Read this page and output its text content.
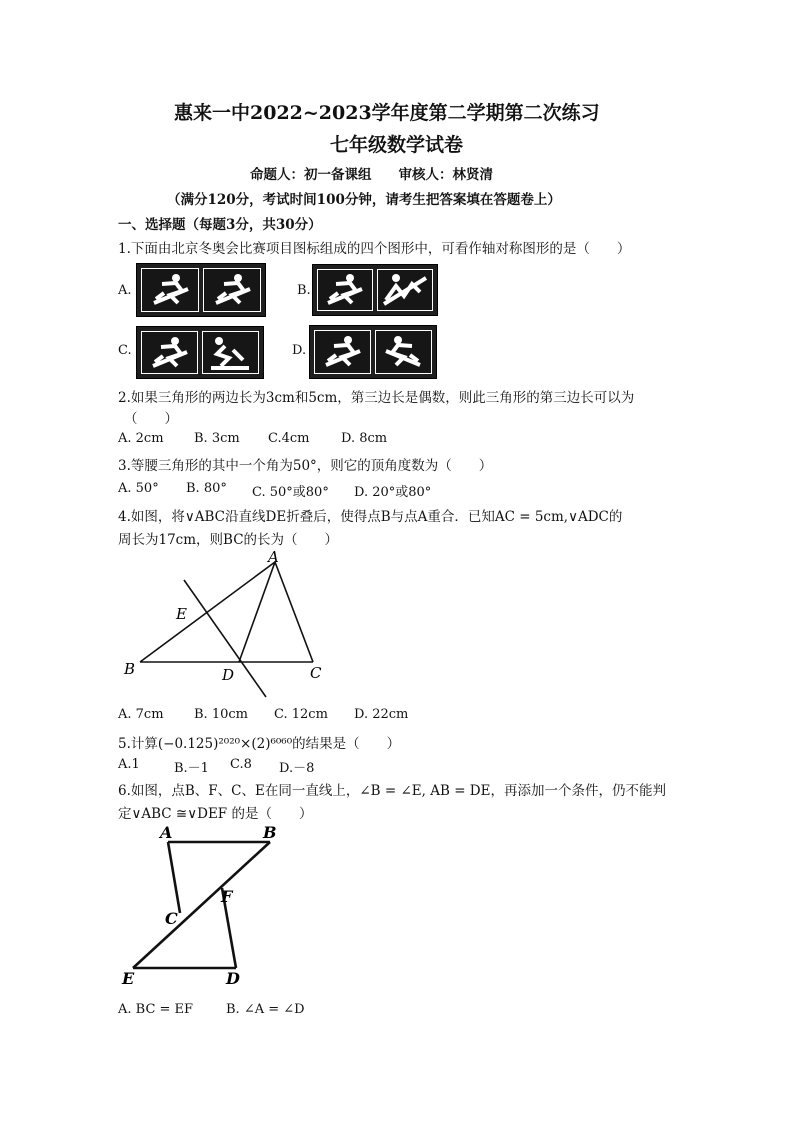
惠来一中2022~2023学年度第二学期第二次练习
七年级数学试卷
命题人：初一备课组　　审核人：林贤清
（满分120分，考试时间100分钟，请考生把答案填在答题卷上）
一、选择题（每题3分，共30分）
1.下面由北京冬奥会比赛项目图标组成的四个图形中，可看作轴对称图形的是（　　）
A.	B.
C.	D.
2.如果三角形的两边长为3cm和5cm，第三边长是偶数，则此三角形的第三边长可以为
（　　）
A. 2cm B. 3cm C.4cm D. 8cm
3.等腰三角形的其中一个角为50°，则它的顶角度数为（　　）
A. 50° B. 80° C. 50°或80° D. 20°或80°
4.如图，将∨ABC沿直线DE折叠后，使得点B与点A重合．已知AC = 5cm,∨ADC的
周长为17cm，则BC的长为（　　）
A
B	C
D
E
A. 7cm B. 10cm C. 12cm D. 22cm
5.计算(−0.125)²⁰²⁰×(2)⁶⁰⁶⁰的结果是（　　）
A.1	B.－1 C.8 D.－8
6.如图，点B、F、C、E在同一直线上，∠B = ∠E, AB = DE，再添加一个条件，仍不能判
定∨ABC ≅∨DEF 的是（　　）
A	B
C
D
E
F
A. BC = EF	B. ∠A = ∠D
